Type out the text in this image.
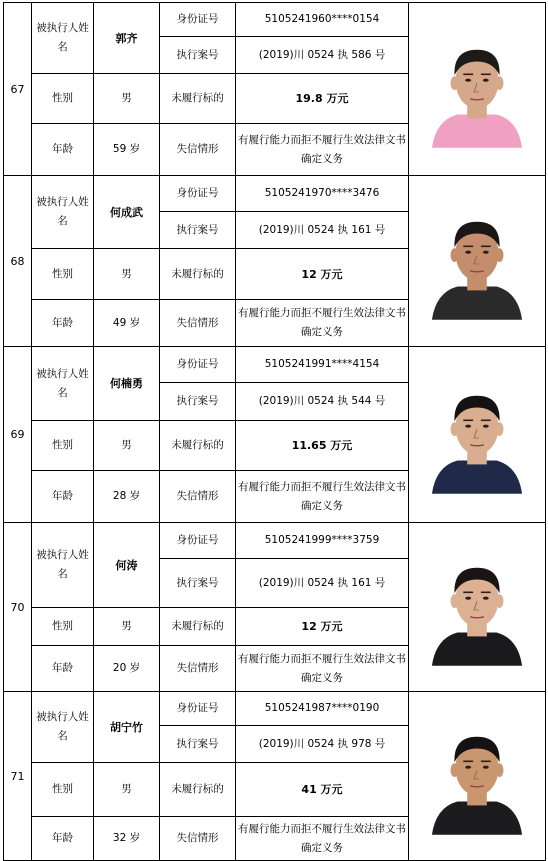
67	被执行人姓名	郭齐	身份证号	5105241960****0154	

			执行案号	(2019)川 0524 执 586 号	
	性别	男	未履行标的	19.8 万元	
	年龄	59 岁	失信情形	有履行能力而拒不履行生效法律文书确定义务	
68	被执行人姓名	何成武	身份证号	5105241970****3476	

			执行案号	(2019)川 0524 执 161 号	
	性别	男	未履行标的	12 万元	
	年龄	49 岁	失信情形	有履行能力而拒不履行生效法律文书确定义务	
69	被执行人姓名	何楠勇	身份证号	5105241991****4154	

			执行案号	(2019)川 0524 执 544 号	
	性别	男	未履行标的	11.65 万元	
	年龄	28 岁	失信情形	有履行能力而拒不履行生效法律文书确定义务	
70	被执行人姓名	何涛	身份证号	5105241999****3759	

			执行案号	(2019)川 0524 执 161 号	
	性别	男	未履行标的	12 万元	
	年龄	20 岁	失信情形	有履行能力而拒不履行生效法律文书确定义务	
71	被执行人姓名	胡宁竹	身份证号	5105241987****0190	

			执行案号	(2019)川 0524 执 978 号	
	性别	男	未履行标的	41 万元	
	年龄	32 岁	失信情形	有履行能力而拒不履行生效法律文书确定义务	
